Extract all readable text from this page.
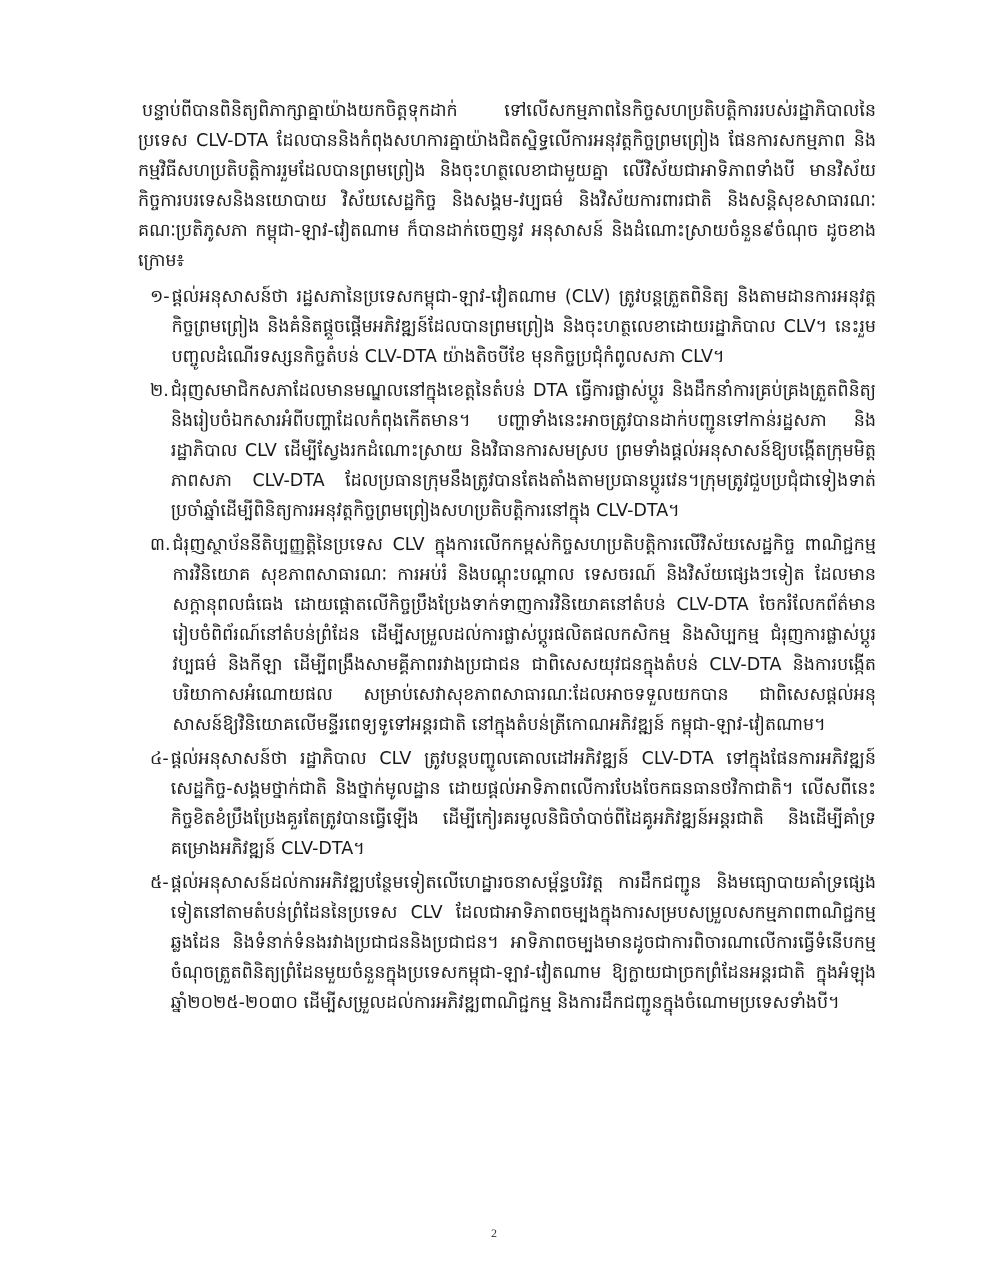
បន្ទាប់ពីបានពិនិត្យពិភាក្សាគ្នាយ៉ាងយកចិត្តទុកដាក់ ទៅលើសកម្មភាពនៃកិច្ចសហប្រតិបត្តិការរបស់រដ្ឋាភិបាលនៃប្រទេស CLV-DTA ដែលបាននិងកំពុងសហការគ្នាយ៉ាងជិតស្និទ្ធលើការអនុវត្តកិច្ចព្រមព្រៀង ផែនការសកម្មភាព និងកម្មវិធីសហប្រតិបត្តិការរួមដែលបានព្រមព្រៀង និងចុះហត្ថលេខាជាមួយគ្នា លើវិស័យជាអាទិភាពទាំងបី មានវិស័យកិច្ចការបរទេសនិងនយោបាយ វិស័យសេដ្ឋកិច្ច និងសង្គម-វប្បធម៌ និងវិស័យការពារជាតិ និងសន្តិសុខសាធារណៈ គណៈប្រតិភូសភា កម្ពុជា-ឡាវ-វៀតណាម ក៏បានដាក់ចេញនូវ អនុសាសន៍ និងដំណោះស្រាយចំនួន៩ចំណុច ដូចខាងក្រោម៖

១- ផ្តល់អនុសាសន៍ថា រដ្ឋសភានៃប្រទេសកម្ពុជា-ឡាវ-វៀតណាម (CLV) ត្រូវបន្តត្រួតពិនិត្យ និងតាមដានការអនុវត្តកិច្ចព្រមព្រៀង និងគំនិតផ្តួចផ្តើមអភិវឌ្ឍន៍ដែលបានព្រមព្រៀង និងចុះហត្ថលេខាដោយរដ្ឋាភិបាល CLV។ នេះរួមបញ្ចូលដំណើរទស្សនកិច្ចតំបន់ CLV-DTA យ៉ាងតិចបីខែ មុនកិច្ចប្រជុំកំពូលសភា CLV។
២. ជំរុញសមាជិកសភាដែលមានមណ្ឌលនៅក្នុងខេត្តនៃតំបន់ DTA ធ្វើការផ្លាស់ប្តូរ និងដឹកនាំការគ្រប់គ្រងត្រួតពិនិត្យ និងរៀបចំឯកសារអំពីបញ្ហាដែលកំពុងកើតមាន។ បញ្ហាទាំងនេះអាចត្រូវបានដាក់បញ្ជូនទៅកាន់រដ្ឋសភា និងរដ្ឋាភិបាល CLV ដើម្បីស្វែងរកដំណោះស្រាយ និងវិធានការសមស្រប ព្រមទាំងផ្តល់អនុសាសន៍ឱ្យបង្កើតក្រុមមិត្តភាពសភា CLV-DTA ដែលប្រធានក្រុមនឹងត្រូវបានតែងតាំងតាមប្រធានប្តូរវេន។ក្រុមត្រូវជួបប្រជុំជាទៀងទាត់ប្រចាំឆ្នាំដើម្បីពិនិត្យការអនុវត្តកិច្ចព្រមព្រៀងសហប្រតិបត្តិការនៅក្នុង CLV-DTA។
៣. ជំរុញស្ថាប័ននីតិប្បញ្ញត្តិនៃប្រទេស CLV ក្នុងការលើកកម្ពស់កិច្ចសហប្រតិបត្តិការលើវិស័យសេដ្ឋកិច្ច ពាណិជ្ជកម្ម ការវិនិយោគ សុខភាពសាធារណៈ ការអប់រំ និងបណ្តុះបណ្តាល ទេសចរណ៍ និងវិស័យផ្សេងៗទៀត ដែលមានសក្តានុពលធំធេង ដោយផ្តោតលើកិច្ចប្រឹងប្រែងទាក់ទាញការវិនិយោគនៅតំបន់ CLV-DTA ចែករំលែកព័ត៌មាន រៀបចំពិព័រណ៍នៅតំបន់ព្រំដែន ដើម្បីសម្រួលដល់ការផ្លាស់ប្តូរផលិតផលកសិកម្ម និងសិប្បកម្ម ជំរុញការផ្លាស់ប្តូរវប្បធម៌ និងកីឡា ដើម្បីពង្រឹងសាមគ្គីភាពរវាងប្រជាជន ជាពិសេសយុវជនក្នុងតំបន់ CLV-DTA និងការបង្កើតបរិយាកាសអំណោយផល សម្រាប់សេវាសុខភាពសាធារណៈដែលអាចទទួលយកបាន ជាពិសេសផ្តល់អនុសាសន៍ឱ្យវិនិយោគលើមន្ទីរពេទ្យទូទៅអន្តរជាតិ នៅក្នុងតំបន់ត្រីកោណអភិវឌ្ឍន៍ កម្ពុជា-ឡាវ-វៀតណាម។
៤- ផ្តល់អនុសាសន៍ថា រដ្ឋាភិបាល CLV ត្រូវបន្តបញ្ចូលគោលដៅអភិវឌ្ឍន៍ CLV-DTA ទៅក្នុងផែនការអភិវឌ្ឍន៍សេដ្ឋកិច្ច-សង្គមថ្នាក់ជាតិ និងថ្នាក់មូលដ្ឋាន ដោយផ្តល់អាទិភាពលើការបែងចែកធនធានថវិកាជាតិ។ លើសពីនេះ កិច្ចខិតខំប្រឹងប្រែងគួរតែត្រូវបានធ្វើឡើង ដើម្បីកៀរគរមូលនិធិចាំបាច់ពីដៃគូអភិវឌ្ឍន៍អន្តរជាតិ និងដើម្បីគាំទ្រគម្រោងអភិវឌ្ឍន៍ CLV-DTA។
៥- ផ្តល់អនុសាសន៍ដល់ការអភិវឌ្ឍបន្ថែមទៀតលើហេដ្ឋារចនាសម្ព័ន្ធបរិវត្ត ការដឹកជញ្ជូន និងមធ្យោបាយគាំទ្រផ្សេងទៀតនៅតាមតំបន់ព្រំដែននៃប្រទេស CLV ដែលជាអាទិភាពចម្បងក្នុងការសម្របសម្រួលសកម្មភាពពាណិជ្ជកម្មឆ្លងដែន និងទំនាក់ទំនងរវាងប្រជាជននិងប្រជាជន។ អាទិភាពចម្បងមានដូចជាការពិចារណាលើការធ្វើទំនើបកម្មចំណុចត្រួតពិនិត្យព្រំដែនមួយចំនួនក្នុងប្រទេសកម្ពុជា-ឡាវ-វៀតណាម ឱ្យក្លាយជាច្រកព្រំដែនអន្តរជាតិ ក្នុងអំឡុងឆ្នាំ២០២៥-២០៣០ ដើម្បីសម្រួលដល់ការអភិវឌ្ឍពាណិជ្ជកម្ម និងការដឹកជញ្ជូនក្នុងចំណោមប្រទេសទាំងបី។
2
